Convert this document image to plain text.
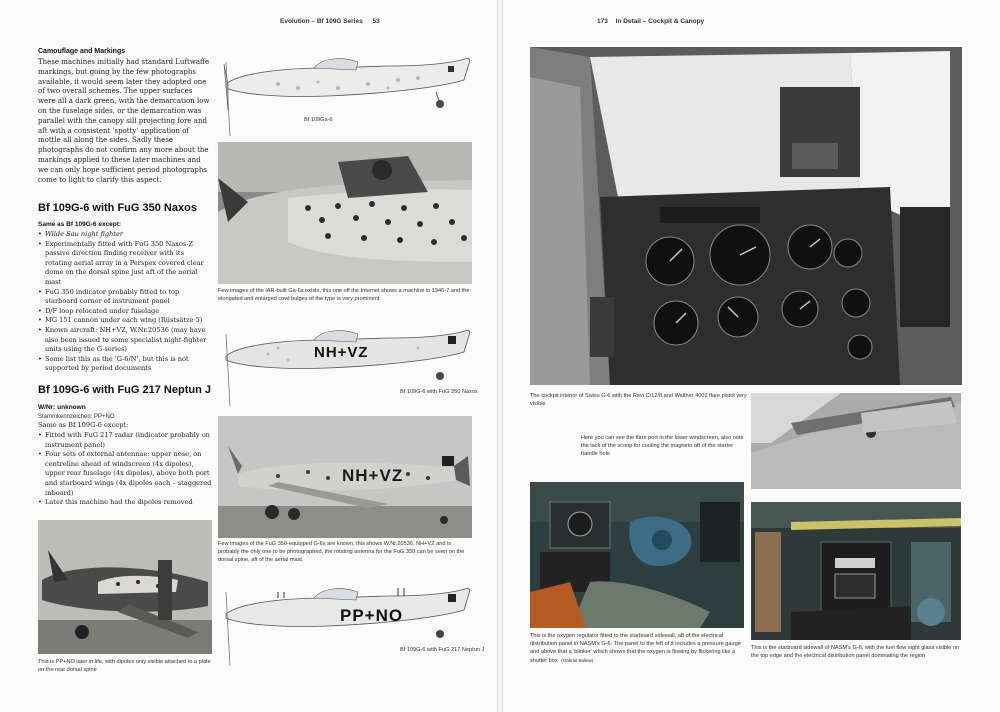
Evolution – Bf 109G Series 53
Camouflage and Markings
These machines initially had standard Luftwaffe markings, but going by the few photographs available, it would seem later they adopted one of two overall schemes. The upper surfaces were all a dark green, with the demarcation low on the fuselage sides, or the demarcation was parallel with the canopy sill projecting fore and aft with a consistent 'spotty' application of mottle all along the sides. Sadly these photographs do not confirm any more about the markings applied to these later machines and we can only hope sufficient period photographs come to light to clarify this aspect.
Bf 109Ga-6
Few images of the IAR-built Ga-6s exists, this one off the Internet shows a machine in 1946-7 and the elongated and enlarged cowl bulges of the type is very prominent
Bf 109G-6 with FuG 350 Naxos
Same as Bf 109G-6 except:
• Wilde Sau night fighter
• Experimentally fitted with FuG 350 Naxos-Z passive direction finding receiver with its rotating aerial array in a Perspex covered clear dome on the dorsal spine just aft of the aerial mast
• FuG 350 indicator probably fitted to top starboard corner of instrument panel
• D/F loop relocated under fuselage
• MG 151 cannon under each wing (Rüstsätze 5)
• Known aircraft: NH+VZ, W.Nr.20536 (may have also been issued to some specialist night-fighter units using the G-series)
• Some list this as the 'G-6/N', but this is not supported by period documents
NH+VZ
Bf 109G-6 with FuG 350 Naxos
Bf 109G-6 with FuG 217 Neptun J
W/Nr: unknown
Stammkennzeichen: PP+NO
Same as Bf 109G-6 except:
• Fitted with FuG 217 radar (indicator probably on instrument panel)
• Four sets of external antennae: upper nose, on centreline ahead of windscreen (4x dipoles), upper rear fuselage (4x dipoles), above both port and starboard wings (4x dipoles each – staggered inboard)
• Later this machine had the dipoles removed
NH+VZ
Few images of the FuG 350-equipped G-6s are known, this shows W.Nr.20536, NH+VZ and is probably the only one to be photographed, the rotating antenna for the FuG 350 can be seen on the dorsal spine, aft of the aerial mast.
This is PP+NO later in life, with dipoles only visible attached to a plate on the rear dorsal spine
PP+NO
Bf 109G-6 with FuG 217 Neptun J
173 In Detail – Cockpit & Canopy
The cockpit interior of Swiss G-6 with the Revi C/12/8 and Walther 4002 flare pistol very visible
Here you can see the flare port in the lower windscreen, also note the lack of the scoop for cooling the magneto aft of the starter handle hole
This is the oxygen regulator fitted to the starboard sidewall, aft of the electrical distribution panel in NASM's G-6. The panel to the left of it includes a pressure gauge and above that a 'blinker' which shows that the oxygen is flowing by flickering like a shutter box (Gabriel Ballew)
This is the starboard sidewall of NASM's G-6, with the fuel flow sight glass visible on the top edge and the electrical distribution panel dominating the region
